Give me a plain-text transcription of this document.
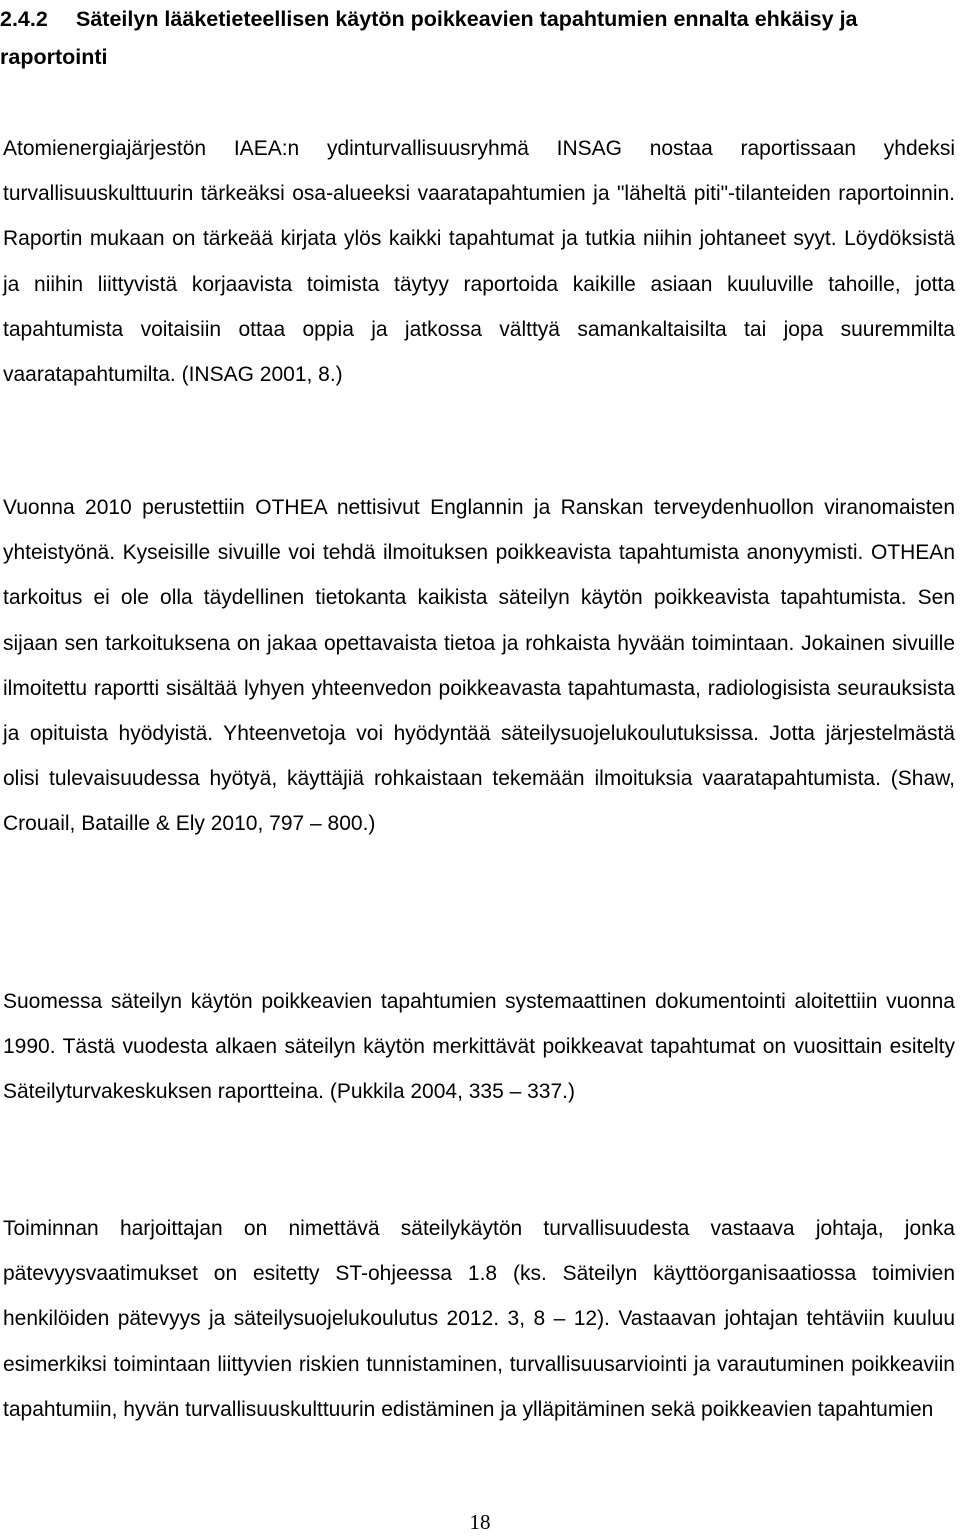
2.4.2 Säteilyn lääketieteellisen käytön poikkeavien tapahtumien ennalta ehkäisy ja raportointi

Atomienergiajärjestön IAEA:n ydinturvallisuusryhmä INSAG nostaa raportissaan yhdeksi turvallisuuskulttuurin tärkeäksi osa-alueeksi vaaratapahtumien ja "läheltä piti"-tilanteiden raportoinnin. Raportin mukaan on tärkeää kirjata ylös kaikki tapahtumat ja tutkia niihin johtaneet syyt. Löydöksistä ja niihin liittyvistä korjaavista toimista täytyy raportoida kaikille asiaan kuuluville tahoille, jotta tapahtumista voitaisiin ottaa oppia ja jatkossa välttyä samankaltaisilta tai jopa suuremmilta vaaratapahtumilta. (INSAG 2001, 8.)

Vuonna 2010 perustettiin OTHEA nettisivut Englannin ja Ranskan terveydenhuollon viranomaisten yhteistyönä. Kyseisille sivuille voi tehdä ilmoituksen poikkeavista tapahtumista anonyymisti. OTHEAn tarkoitus ei ole olla täydellinen tietokanta kaikista säteilyn käytön poikkeavista tapahtumista. Sen sijaan sen tarkoituksena on jakaa opettavaista tietoa ja rohkaista hyvään toimintaan. Jokainen sivuille ilmoitettu raportti sisältää lyhyen yhteenvedon poikkeavasta tapahtumasta, radiologisista seurauksista ja opituista hyödyistä. Yhteenvetoja voi hyödyntää säteilysuojelukoulutuksissa. Jotta järjestelmästä olisi tulevaisuudessa hyötyä, käyttäjiä rohkaistaan tekemään ilmoituksia vaaratapahtumista. (Shaw, Crouail, Bataille & Ely 2010, 797 – 800.)

Suomessa säteilyn käytön poikkeavien tapahtumien systemaattinen dokumentointi aloitettiin vuonna 1990. Tästä vuodesta alkaen säteilyn käytön merkittävät poikkeavat tapahtumat on vuosittain esitelty Säteilyturvakeskuksen raportteina. (Pukkila 2004, 335 – 337.)

Toiminnan harjoittajan on nimettävä säteilykäytön turvallisuudesta vastaava johtaja, jonka pätevyysvaatimukset on esitetty ST-ohjeessa 1.8 (ks. Säteilyn käyttöorganisaatiossa toimivien henkilöiden pätevyys ja säteilysuojelukoulutus 2012. 3, 8 – 12). Vastaavan johtajan tehtäviin kuuluu esimerkiksi toimintaan liittyvien riskien tunnistaminen, turvallisuusarviointi ja varautuminen poikkeaviin tapahtumiin, hyvän turvallisuuskulttuurin edistäminen ja ylläpitäminen sekä poikkeavien tapahtumien

18
